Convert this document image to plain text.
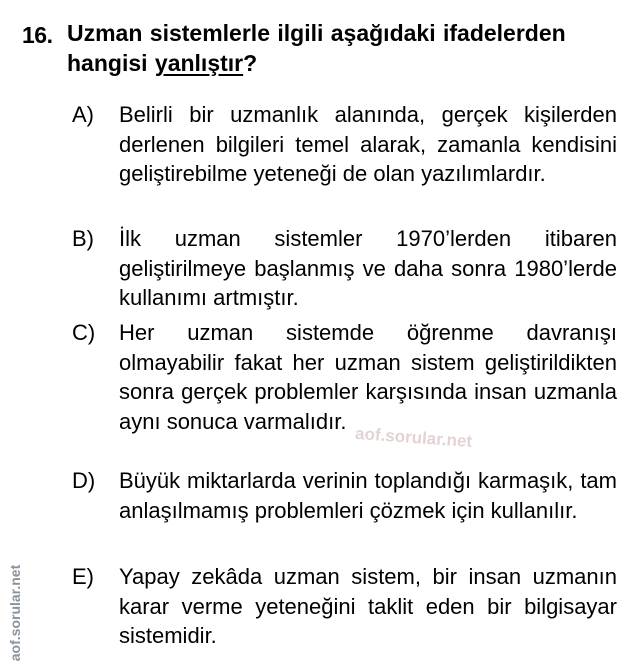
16. Uzman sistemlerle ilgili aşağıdaki ifadelerden hangisi yanlıştır?
A) Belirli bir uzmanlık alanında, gerçek kişilerden derlenen bilgileri temel alarak, zamanla kendisini geliştirebilme yeteneği de olan yazılımlardır.
B) İlk uzman sistemler 1970’lerden itibaren geliştirilmeye başlanmış ve daha sonra 1980’lerde kullanımı artmıştır.
C) Her uzman sistemde öğrenme davranışı olmayabilir fakat her uzman sistem geliştirildikten sonra gerçek problemler karşısında insan uzmanla aynı sonuca varmalıdır.
D) Büyük miktarlarda verinin toplandığı karmaşık, tam anlaşılmamış problemleri çözmek için kullanılır.
E) Yapay zekâda uzman sistem, bir insan uzmanın karar verme yeteneğini taklit eden bir bilgisayar sistemidir.
aof.sorular.net
aof.sorular.net
